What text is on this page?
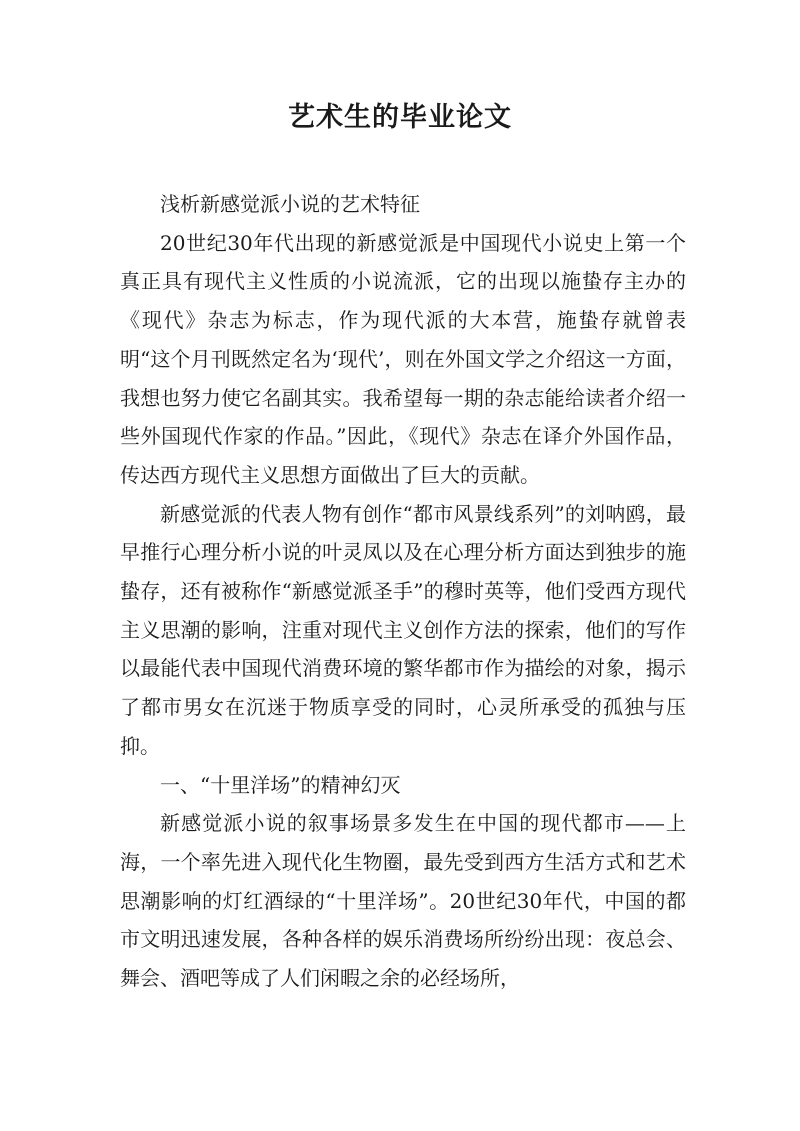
艺术生的毕业论文

浅析新感觉派小说的艺术特征

20世纪30年代出现的新感觉派是中国现代小说史上第一个真正具有现代主义性质的小说流派，它的出现以施蛰存主办的《现代》杂志为标志，作为现代派的大本营，施蛰存就曾表明“这个月刊既然定名为‘现代’，则在外国文学之介绍这一方面，我想也努力使它名副其实。我希望每一期的杂志能给读者介绍一些外国现代作家的作品。”因此，《现代》杂志在译介外国作品，传达西方现代主义思想方面做出了巨大的贡献。

新感觉派的代表人物有创作“都市风景线系列”的刘呐鸥，最早推行心理分析小说的叶灵凤以及在心理分析方面达到独步的施蛰存，还有被称作“新感觉派圣手”的穆时英等，他们受西方现代主义思潮的影响，注重对现代主义创作方法的探索，他们的写作以最能代表中国现代消费环境的繁华都市作为描绘的对象，揭示了都市男女在沉迷于物质享受的同时，心灵所承受的孤独与压抑。

一、“十里洋场”的精神幻灭

新感觉派小说的叙事场景多发生在中国的现代都市——上海，一个率先进入现代化生物圈，最先受到西方生活方式和艺术思潮影响的灯红酒绿的“十里洋场”。20世纪30年代，中国的都市文明迅速发展，各种各样的娱乐消费场所纷纷出现：夜总会、舞会、酒吧等成了人们闲暇之余的必经场所，
